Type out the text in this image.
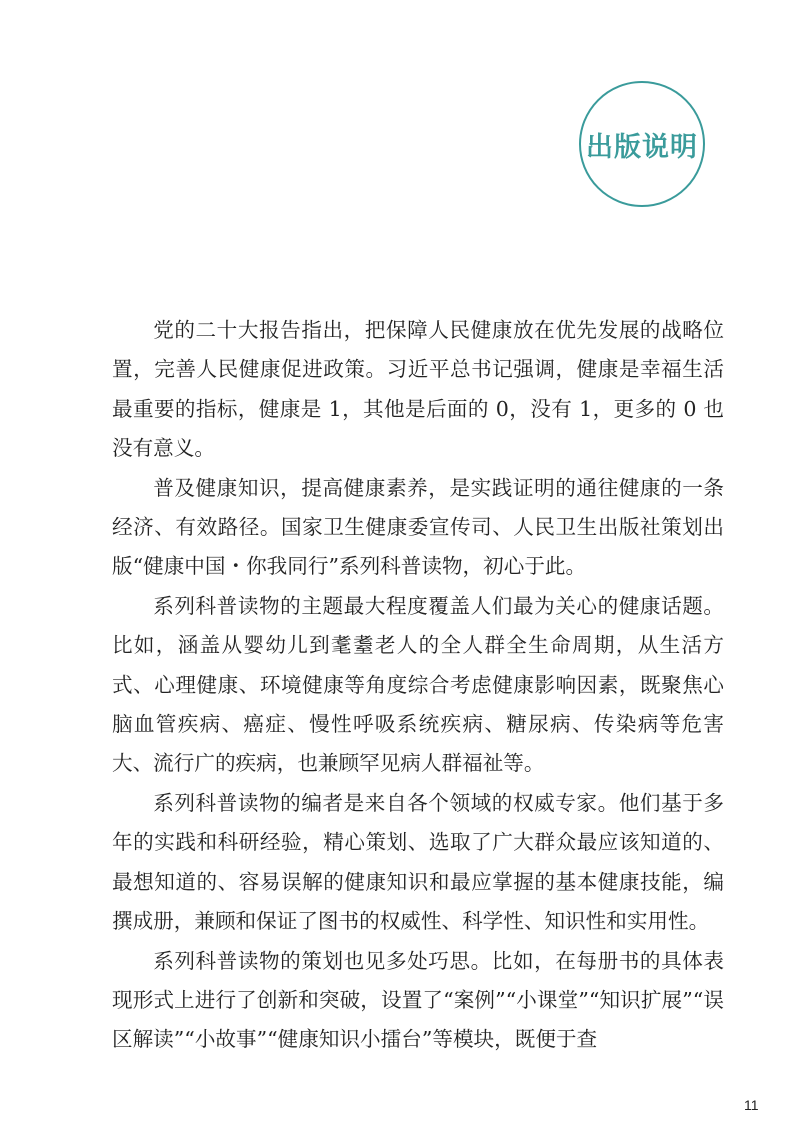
出版说明

党的二十大报告指出，把保障人民健康放在优先发展的战略位置，完善人民健康促进政策。习近平总书记强调，健康是幸福生活最重要的指标，健康是 1，其他是后面的 0，没有 1，更多的 0 也没有意义。

普及健康知识，提高健康素养，是实践证明的通往健康的一条经济、有效路径。国家卫生健康委宣传司、人民卫生出版社策划出版“健康中国・你我同行”系列科普读物，初心于此。

系列科普读物的主题最大程度覆盖人们最为关心的健康话题。比如，涵盖从婴幼儿到耄耋老人的全人群全生命周期，从生活方式、心理健康、环境健康等角度综合考虑健康影响因素，既聚焦心脑血管疾病、癌症、慢性呼吸系统疾病、糖尿病、传染病等危害大、流行广的疾病，也兼顾罕见病人群福祉等。

系列科普读物的编者是来自各个领域的权威专家。他们基于多年的实践和科研经验，精心策划、选取了广大群众最应该知道的、最想知道的、容易误解的健康知识和最应掌握的基本健康技能，编撰成册，兼顾和保证了图书的权威性、科学性、知识性和实用性。

系列科普读物的策划也见多处巧思。比如，在每册书的具体表现形式上进行了创新和突破，设置了“案例”“小课堂”“知识扩展”“误区解读”“小故事”“健康知识小擂台”等模块，既便于查

11
